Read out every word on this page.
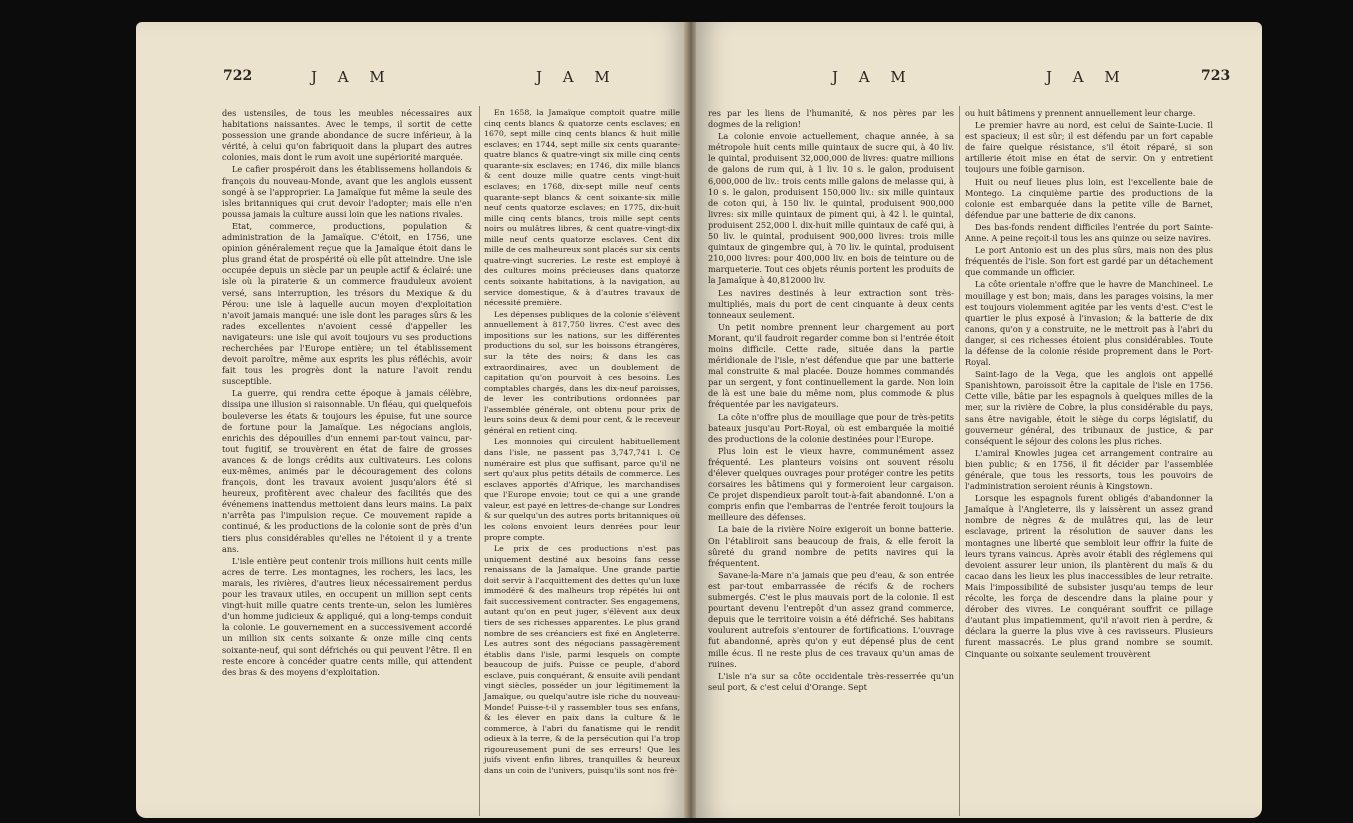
722	J A M	J A M

des ustensiles, de tous les meubles nécessaires aux habitations naissantes. Avec le temps, il sortit de cette possession une grande abondance de sucre inférieur, à la vérité, à celui qu'on fabriquoit dans la plupart des autres colonies, mais dont le rum avoit une supériorité marquée.

Le cafier prospéroit dans les établissemens hollandois & françois du nouveau-Monde, avant que les anglois eussent songé à se l'approprier. La Jamaïque fut même la seule des isles britanniques qui crut devoir l'adopter; mais elle n'en poussa jamais la culture aussi loin que les nations rivales.

Etat, commerce, productions, population & administration de la Jamaïque. C'étoit, en 1756, une opinion généralement reçue que la Jamaïque étoit dans le plus grand état de prospérité où elle pût atteindre. Une isle occupée depuis un siècle par un peuple actif & éclairé: une isle où la piraterie & un commerce frauduleux avoient versé, sans interruption, les trésors du Mexique & du Pérou: une isle à laquelle aucun moyen d'exploitation n'avoit jamais manqué: une isle dont les parages sûrs & les rades excellentes n'avoient cessé d'appeller les navigateurs: une isle qui avoit toujours vu ses productions recherchées par l'Europe entière; un tel établissement devoit paroître, même aux esprits les plus réfléchis, avoir fait tous les progrès dont la nature l'avoit rendu susceptible.

La guerre, qui rendra cette époque à jamais célèbre, dissipa une illusion si raisonnable. Un fléau, qui quelquefois bouleverse les états & toujours les épuise, fut une source de fortune pour la Jamaïque. Les négocians anglois, enrichis des dépouilles d'un ennemi par-tout vaincu, par-tout fugitif, se trouvèrent en état de faire de grosses avances & de longs crédits aux cultivateurs. Les colons eux-mêmes, animés par le découragement des colons françois, dont les travaux avoient jusqu'alors été si heureux, profitèrent avec chaleur des facilités que des événemens inattendus mettoient dans leurs mains. La paix n'arrêta pas l'impulsion reçue. Ce mouvement rapide a continué, & les productions de la colonie sont de près d'un tiers plus considérables qu'elles ne l'étoient il y a trente ans.

L'isle entière peut contenir trois millions huit cents mille acres de terre. Les montagnes, les rochers, les lacs, les marais, les rivières, d'autres lieux nécessairement perdus pour les travaux utiles, en occupent un million sept cents vingt-huit mille quatre cents trente-un, selon les lumières d'un homme judicieux & appliqué, qui a long-temps conduit la colonie. Le gouvernement en a successivement accordé un million six cents soixante & onze mille cinq cents soixante-neuf, qui sont défrichés ou qui peuvent l'être. Il en reste encore à concéder quatre cents mille, qui attendent des bras & des moyens d'exploitation.

En 1658, la Jamaïque comptoit quatre mille cinq cents blancs & quatorze cents esclaves; en 1670, sept mille cinq cents blancs & huit mille esclaves; en 1744, sept mille six cents quarante-quatre blancs & quatre-vingt six mille cinq cents quarante-six esclaves; en 1746, dix mille blancs & cent douze mille quatre cents vingt-huit esclaves; en 1768, dix-sept mille neuf cents quarante-sept blancs & cent soixante-six mille neuf cents quatorze esclaves; en 1775, dix-huit mille cinq cents blancs, trois mille sept cents noirs ou mulâtres libres, & cent quatre-vingt-dix mille neuf cents quatorze esclaves. Cent dix mille de ces malheureux sont placés sur six cents quatre-vingt sucreries. Le reste est employé à des cultures moins précieuses dans quatorze cents soixante habitations, à la navigation, au service domestique, & à d'autres travaux de nécessité première.

Les dépenses publiques de la colonie s'élèvent annuellement à 817,750 livres. C'est avec des impositions sur les nations, sur les différentes productions du sol, sur les boissons étrangères, sur la tête des noirs; & dans les cas extraordinaires, avec un doublement de capitation qu'on pourvoit à ces besoins. Les comptables chargés, dans les dix-neuf paroisses, de lever les contributions ordonnées par l'assemblée générale, ont obtenu pour prix de leurs soins deux & demi pour cent, & le receveur général en retient cinq.

Les monnoies qui circulent habituellement dans l'isle, ne passent pas 3,747,741 l. Ce numéraire est plus que suffisant, parce qu'il ne sert qu'aux plus petits détails de commerce. Les esclaves apportés d'Afrique, les marchandises que l'Europe envoie; tout ce qui a une grande valeur, est payé en lettres-de-change sur Londres & sur quelqu'un des autres ports britanniques où les colons envoient leurs denrées pour leur propre compte.

Le prix de ces productions n'est pas uniquement destiné aux besoins fans cesse renaissans de la Jamaïque. Une grande partie doit servir à l'acquittement des dettes qu'un luxe immodéré & des malheurs trop répétés lui ont fait successivement contracter. Ses engagemens, autant qu'on en peut juger, s'élèvent aux deux tiers de ses richesses apparentes. Le plus grand nombre de ses créanciers est fixé en Angleterre. Les autres sont des négocians passagèrement établis dans l'isle, parmi lesquels on compte beaucoup de juifs. Puisse ce peuple, d'abord esclave, puis conquérant, & ensuite avili pendant vingt siècles, posséder un jour légitimement la Jamaïque, ou quelqu'autre isle riche du nouveau-Monde! Puisse-t-il y rassembler tous ses enfans, & les élever en paix dans la culture & le commerce, à l'abri du fanatisme qui le rendit odieux à la terre, & de la persécution qui l'a trop rigoureusement puni de ses erreurs! Que les juifs vivent enfin libres, tranquilles & heureux dans un coin de l'univers, puisqu'ils sont nos frè-

J A M	J A M	723

res par les liens de l'humanité, & nos pères par les dogmes de la religion!

La colonie envoie actuellement, chaque année, à sa métropole huit cents mille quintaux de sucre qui, à 40 liv. le quintal, produisent 32,000,000 de livres: quatre millions de galons de rum qui, à 1 liv. 10 s. le galon, produisent 6,000,000 de liv.: trois cents mille galons de melasse qui, à 10 s. le galon, produisent 150,000 liv.: six mille quintaux de coton qui, à 150 liv. le quintal, produisent 900,000 livres: six mille quintaux de piment qui, à 42 l. le quintal, produisent 252,000 l. dix-huit mille quintaux de café qui, à 50 liv. le quintal, produisent 900,000 livres: trois mille quintaux de gingembre qui, à 70 liv. le quintal, produisent 210,000 livres: pour 400,000 liv. en bois de teinture ou de marqueterie. Tout ces objets réunis portent les produits de la Jamaïque à 40,812000 liv.

Les navires destinés à leur extraction sont très-multipliés, mais du port de cent cinquante à deux cents tonneaux seulement.

Un petit nombre prennent leur chargement au port Morant, qu'il faudroit regarder comme bon si l'entrée étoit moins difficile. Cette rade, située dans la partie méridionale de l'isle, n'est défendue que par une batterie mal construite & mal placée. Douze hommes commandés par un sergent, y font continuellement la garde. Non loin de là est une baie du même nom, plus commode & plus fréquentée par les navigateurs.

La côte n'offre plus de mouillage que pour de très-petits bateaux jusqu'au Port-Royal, où est embarquée la moitié des productions de la colonie destinées pour l'Europe.

Plus loin est le vieux havre, communément assez fréquenté. Les planteurs voisins ont souvent résolu d'élever quelques ouvrages pour protéger contre les petits corsaires les bâtimens qui y formeroient leur cargaison. Ce projet dispendieux paroît tout-à-fait abandonné. L'on a compris enfin que l'embarras de l'entrée feroit toujours la meilleure des défenses.

La baie de la rivière Noire exigeroit un bonne batterie. On l'établiroit sans beaucoup de frais, & elle feroit la sûreté du grand nombre de petits navires qui la fréquentent.

Savane-la-Mare n'a jamais que peu d'eau, & son entrée est par-tout embarrassée de récifs & de rochers submergés. C'est le plus mauvais port de la colonie. Il est pourtant devenu l'entrepôt d'un assez grand commerce, depuis que le territoire voisin a été défriché. Ses habitans voulurent autrefois s'entourer de fortifications. L'ouvrage fut abandonné, après qu'on y eut dépensé plus de cent mille écus. Il ne reste plus de ces travaux qu'un amas de ruines.

L'isle n'a sur sa côte occidentale très-resserrée qu'un seul port, & c'est celui d'Orange. Sept

ou huit bâtimens y prennent annuellement leur charge.

Le premier havre au nord, est celui de Sainte-Lucie. Il est spacieux; il est sûr; il est défendu par un fort capable de faire quelque résistance, s'il étoit réparé, si son artillerie étoit mise en état de servir. On y entretient toujours une foible garnison.

Huit ou neuf lieues plus loin, est l'excellente baie de Montego. La cinquième partie des productions de la colonie est embarquée dans la petite ville de Barnet, défendue par une batterie de dix canons.

Des bas-fonds rendent difficiles l'entrée du port Sainte-Anne. A peine reçoit-il tous les ans quinze ou seize navires.

Le port Antonio est un des plus sûrs, mais non des plus fréquentés de l'isle. Son fort est gardé par un détachement que commande un officier.

La côte orientale n'offre que le havre de Manchineel. Le mouillage y est bon; mais, dans les parages voisins, la mer est toujours violemment agitée par les vents d'est. C'est le quartier le plus exposé à l'invasion; & la batterie de dix canons, qu'on y a construite, ne le mettroit pas à l'abri du danger, si ces richesses étoient plus considérables. Toute la défense de la colonie réside proprement dans le Port-Royal.

Saint-Iago de la Vega, que les anglois ont appellé Spanishtown, paroissoit être la capitale de l'isle en 1756. Cette ville, bâtie par les espagnols à quelques milles de la mer, sur la rivière de Cobre, la plus considérable du pays, sans être navigable, étoit le siège du corps législatif, du gouverneur général, des tribunaux de justice, & par conséquent le séjour des colons les plus riches.

L'amiral Knowles jugea cet arrangement contraire au bien public; & en 1756, il fit décider par l'assemblée générale, que tous les ressorts, tous les pouvoirs de l'administration seroient réunis à Kingstown.

Lorsque les espagnols furent obligés d'abandonner la Jamaïque à l'Angleterre, ils y laissèrent un assez grand nombre de nègres & de mulâtres qui, las de leur esclavage, prirent la résolution de sauver dans les montagnes une liberté que sembloit leur offrir la fuite de leurs tyrans vaincus. Après avoir établi des réglemens qui devoient assurer leur union, ils plantèrent du maïs & du cacao dans les lieux les plus inaccessibles de leur retraite. Mais l'impossibilité de subsister jusqu'au temps de leur récolte, les força de descendre dans la plaine pour y dérober des vivres. Le conquérant souffrit ce pillage d'autant plus impatiemment, qu'il n'avoit rien à perdre, & déclara la guerre la plus vive à ces ravisseurs. Plusieurs furent massacrés. Le plus grand nombre se soumit. Cinquante ou soixante seulement trouvèrent
